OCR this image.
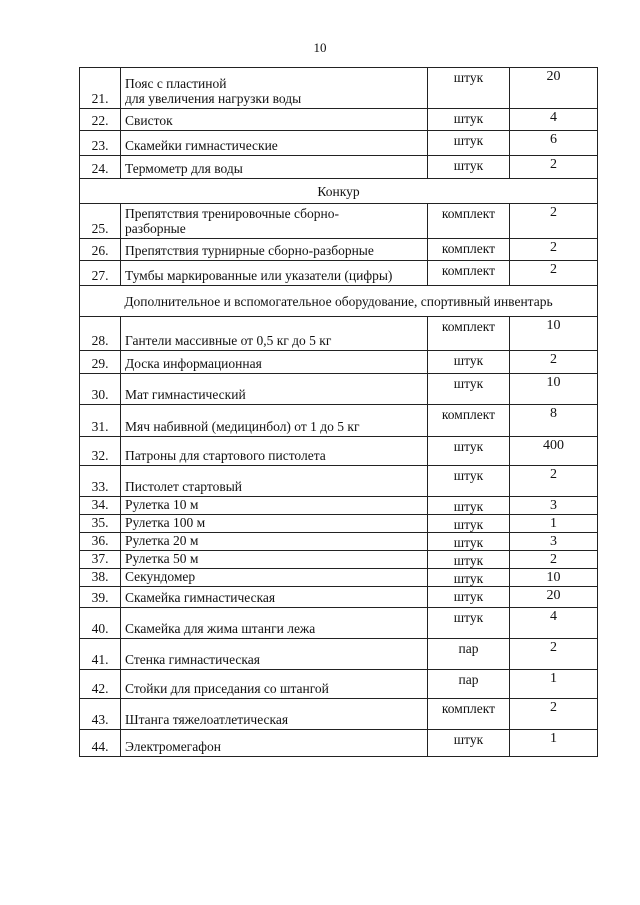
10
21.	Пояс с пластиной
для увеличения нагрузки воды	штук	20
22.	Свисток	штук	4
23.	Скамейки гимнастические	штук	6
24.	Термометр для воды	штук	2
Конкур			
25.	Препятствия тренировочные сборно-
разборные	комплект	2
26.	Препятствия турнирные сборно-разборные	комплект	2
27.	Тумбы маркированные или указатели (цифры)	комплект	2
Дополнительное и вспомогательное оборудование, спортивный инвентарь			
28.	Гантели массивные от 0,5 кг до 5 кг	комплект	10
29.	Доска информационная	штук	2
30.	Мат гимнастический	штук	10
31.	Мяч набивной (медицинбол) от 1 до 5 кг	комплект	8
32.	Патроны для стартового пистолета	штук	400
33.	Пистолет стартовый	штук	2
34.	Рулетка 10 м	штук	3
35.	Рулетка 100 м	штук	1
36.	Рулетка 20 м	штук	3
37.	Рулетка 50 м	штук	2
38.	Секундомер	штук	10
39.	Скамейка гимнастическая	штук	20
40.	Скамейка для жима штанги лежа	штук	4
41.	Стенка гимнастическая	пар	2
42.	Стойки для приседания со штангой	пар	1
43.	Штанга тяжелоатлетическая	комплект	2
44.	Электромегафон	штук	1
